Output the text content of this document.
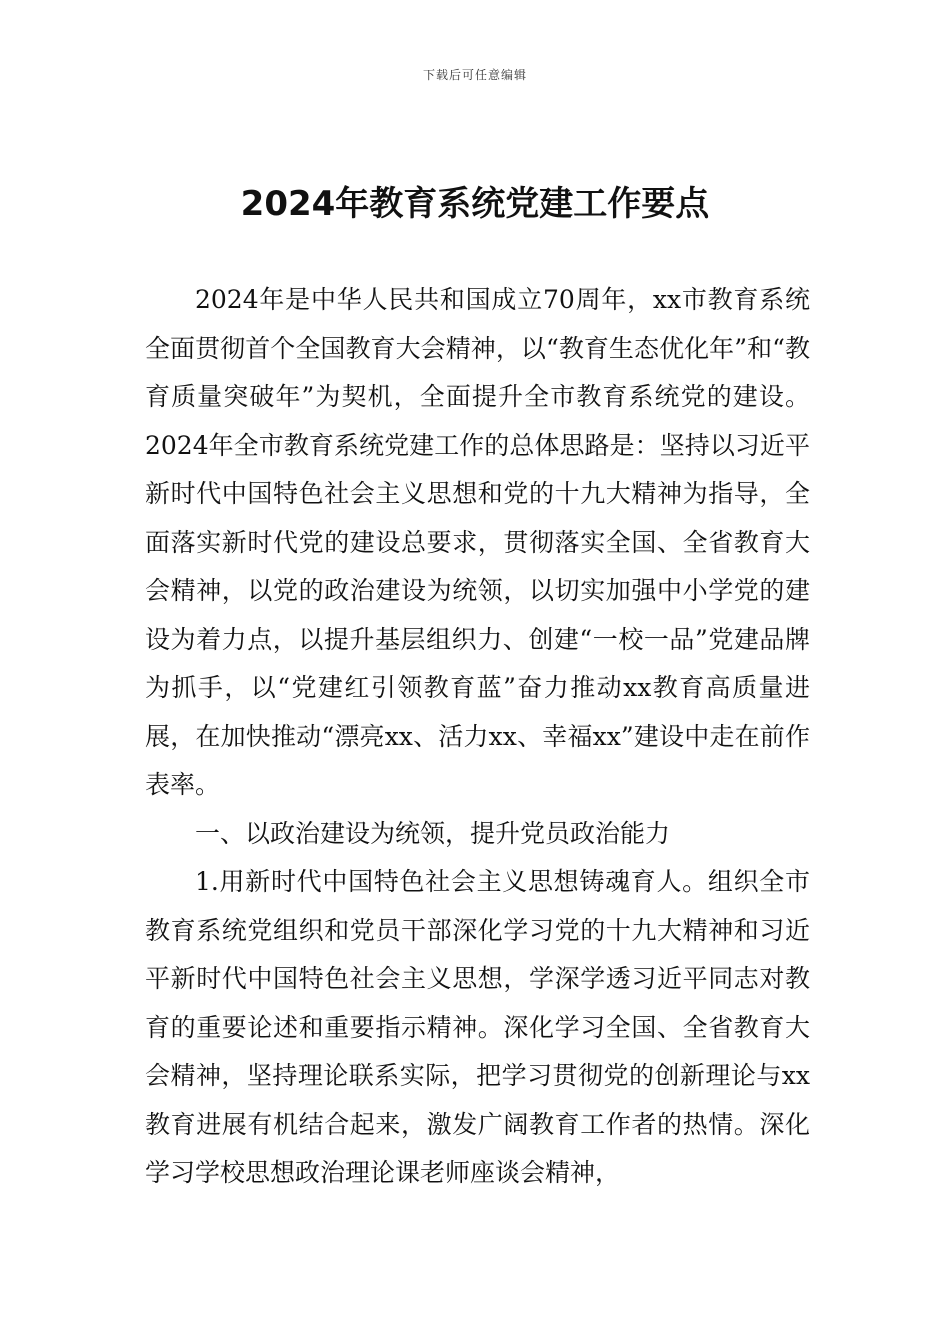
下载后可任意编辑
2024年教育系统党建工作要点

2024年是中华人民共和国成立70周年，xx市教育系统全面贯彻首个全国教育大会精神，以“教育生态优化年”和“教育质量突破年”为契机，全面提升全市教育系统党的建设。2024年全市教育系统党建工作的总体思路是：坚持以习近平新时代中国特色社会主义思想和党的十九大精神为指导，全面落实新时代党的建设总要求，贯彻落实全国、全省教育大会精神，以党的政治建设为统领，以切实加强中小学党的建设为着力点，以提升基层组织力、创建“一校一品”党建品牌为抓手，以“党建红引领教育蓝”奋力推动xx教育高质量进展，在加快推动“漂亮xx、活力xx、幸福xx”建设中走在前作表率。

一、以政治建设为统领，提升党员政治能力

1.用新时代中国特色社会主义思想铸魂育人。组织全市教育系统党组织和党员干部深化学习党的十九大精神和习近平新时代中国特色社会主义思想，学深学透习近平同志对教育的重要论述和重要指示精神。深化学习全国、全省教育大会精神，坚持理论联系实际，把学习贯彻党的创新理论与xx教育进展有机结合起来，激发广阔教育工作者的热情。深化学习学校思想政治理论课老师座谈会精神，
